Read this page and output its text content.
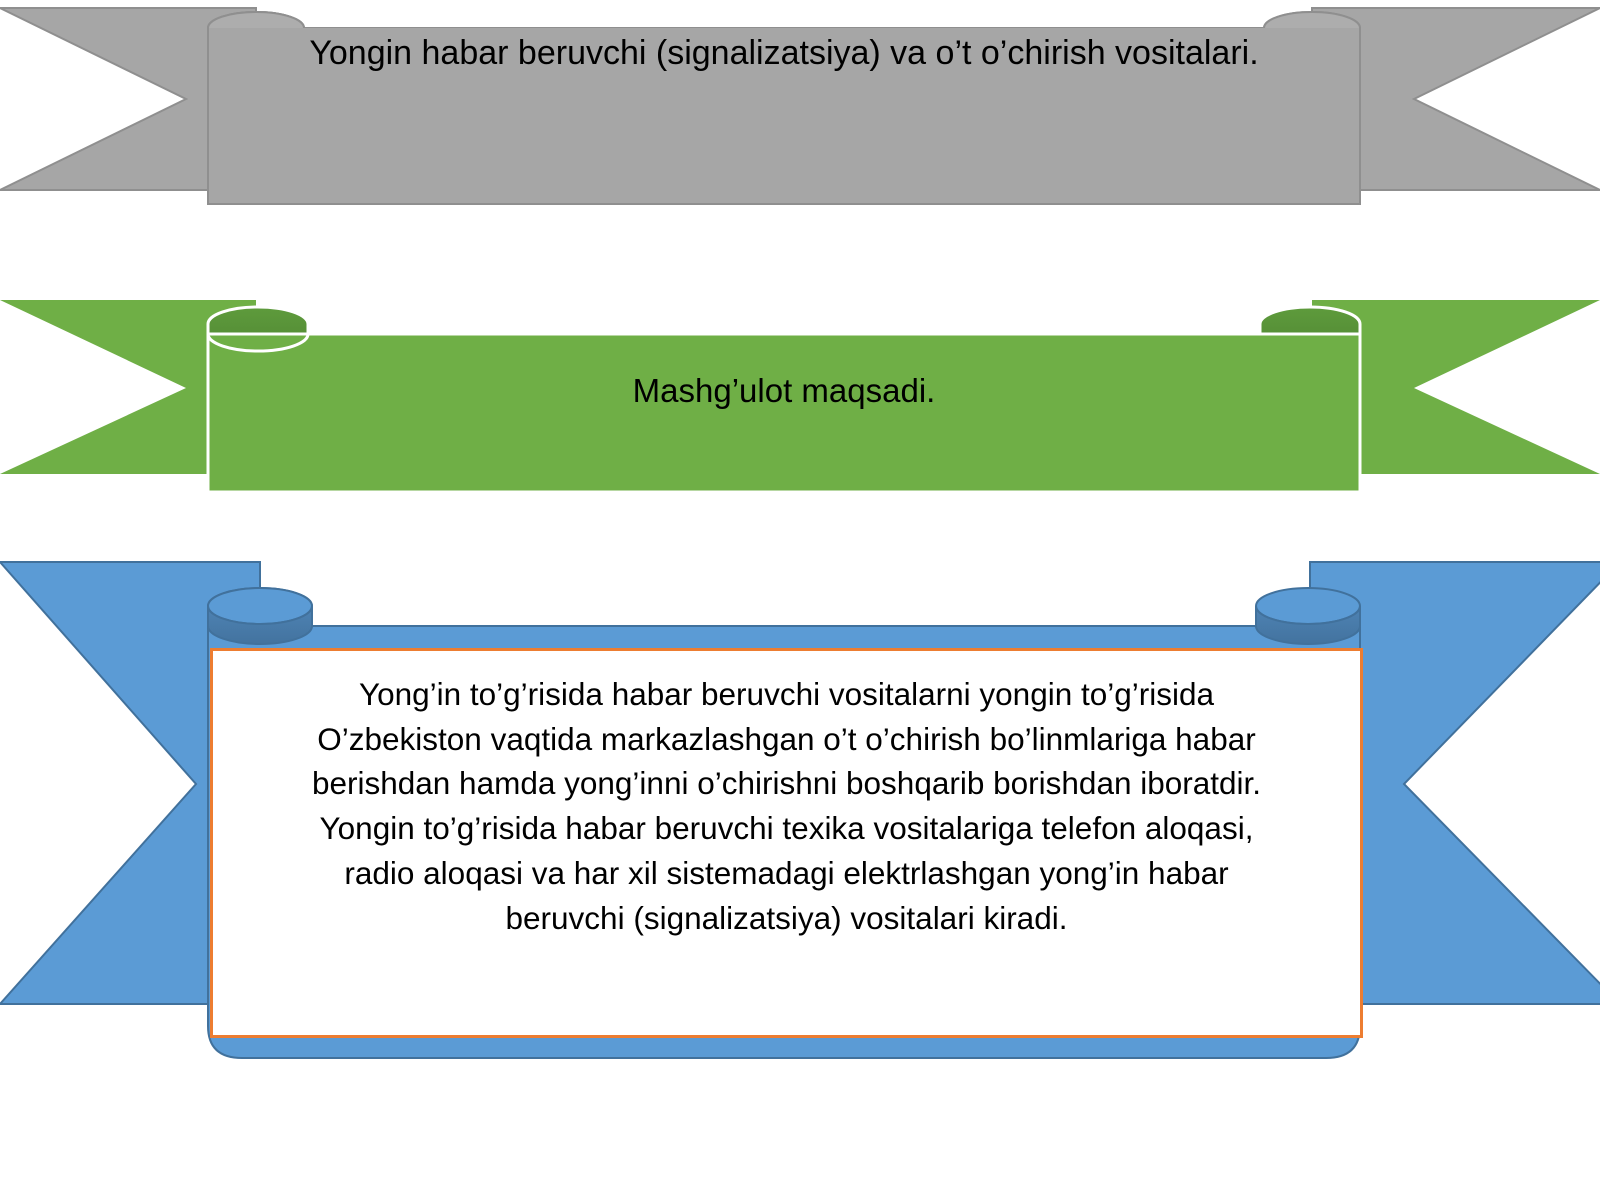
Yongin habar beruvchi (signalizatsiya) va o’t o’chirish vositalari.
Mashg’ulot maqsadi.
Yong’in to’g’risida habar beruvchi vositalarni yongin to’g’risida
O’zbekiston vaqtida markazlashgan o’t o’chirish bo’linmlariga habar
berishdan hamda yong’inni o’chirishni boshqarib borishdan iboratdir.
Yongin to’g’risida habar beruvchi texika vositalariga telefon aloqasi,
radio aloqasi va har xil sistemadagi elektrlashgan yong’in habar
beruvchi (signalizatsiya) vositalari kiradi.
